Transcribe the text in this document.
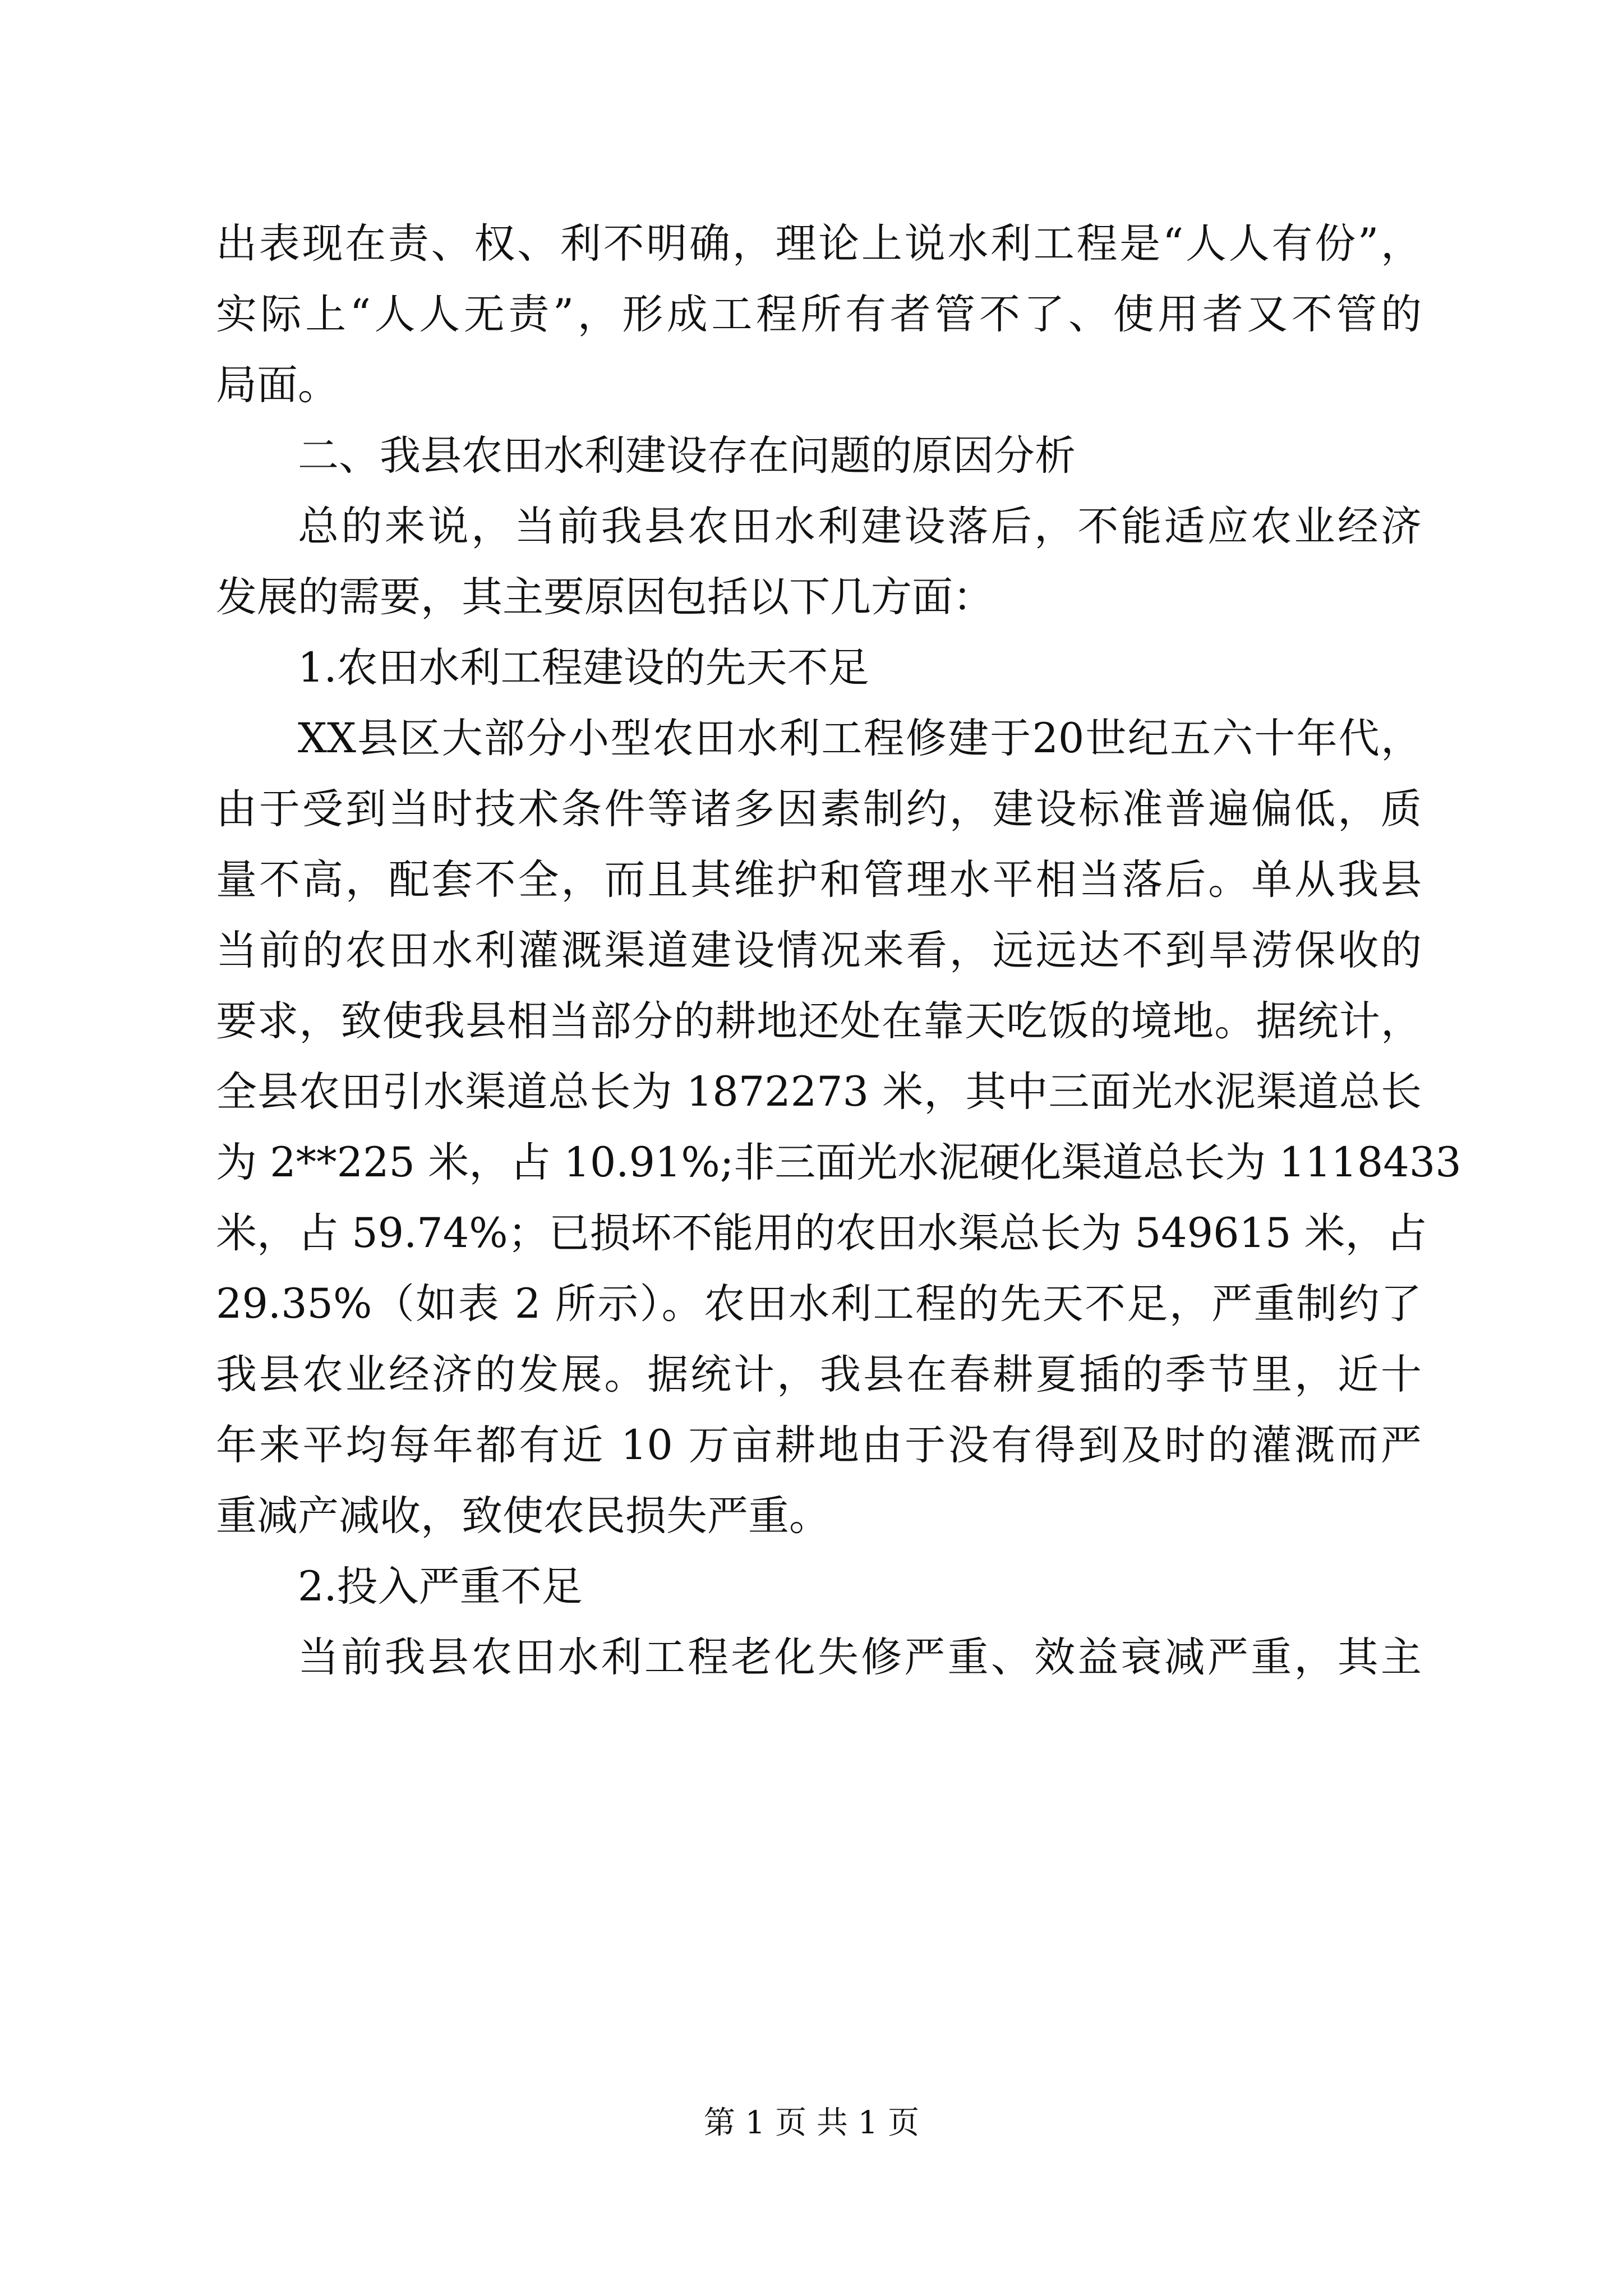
出表现在责、权、利不明确，理论上说水利工程是“人人有份”，
实际上“人人无责”，形成工程所有者管不了、使用者又不管的
局面。
二、我县农田水利建设存在问题的原因分析
总的来说，当前我县农田水利建设落后，不能适应农业经济
发展的需要，其主要原因包括以下几方面：
1.农田水利工程建设的先天不足
XX县区大部分小型农田水利工程修建于20世纪五六十年代，
由于受到当时技术条件等诸多因素制约，建设标准普遍偏低，质
量不高，配套不全，而且其维护和管理水平相当落后。单从我县
当前的农田水利灌溉渠道建设情况来看，远远达不到旱涝保收的
要求，致使我县相当部分的耕地还处在靠天吃饭的境地。据统计，
全县农田引水渠道总长为 1872273 米，其中三面光水泥渠道总长
为 2**225 米，占 10.91%;非三面光水泥硬化渠道总长为 1118433
米，占 59.74%；已损坏不能用的农田水渠总长为 549615 米，占
29.35%（如表 2 所示）。农田水利工程的先天不足，严重制约了
我县农业经济的发展。据统计，我县在春耕夏插的季节里，近十
年来平均每年都有近 10 万亩耕地由于没有得到及时的灌溉而严
重减产减收，致使农民损失严重。
2.投入严重不足
当前我县农田水利工程老化失修严重、效益衰减严重，其主
第 1 页 共 1 页
